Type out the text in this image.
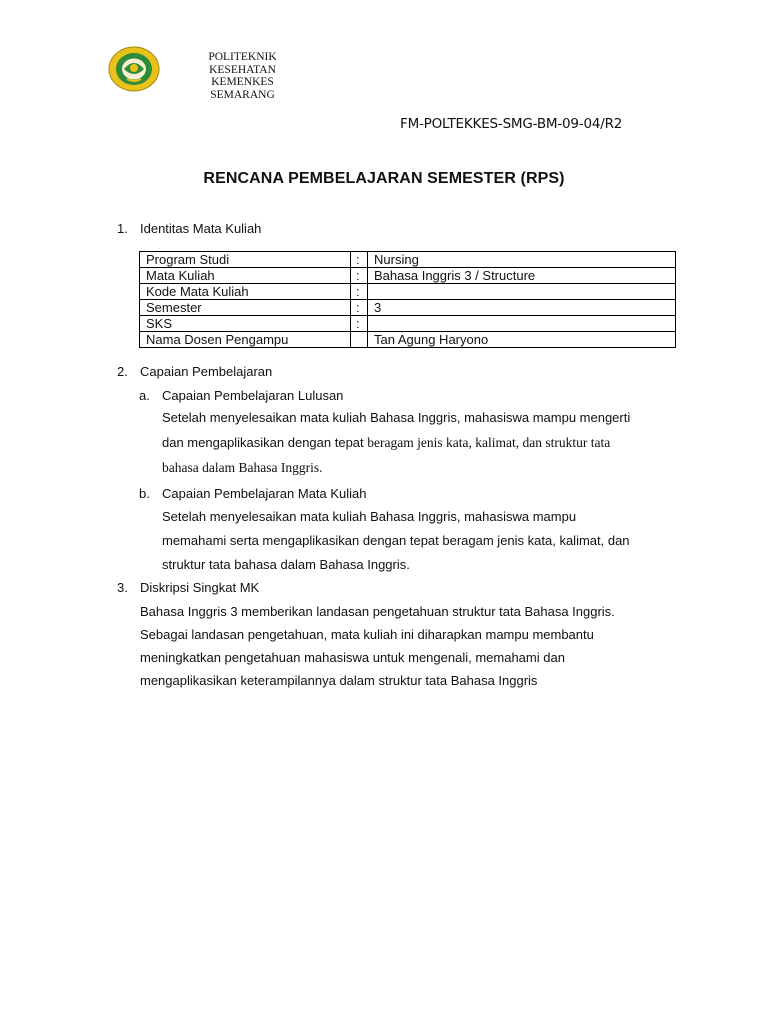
POLITEKNIK
KESEHATAN
KEMENKES
SEMARANG
FM-POLTEKKES-SMG-BM-09-04/R2
RENCANA PEMBELAJARAN SEMESTER (RPS)
1. Identitas Mata Kuliah
Program Studi	:	Nursing
Mata Kuliah	:	Bahasa Inggris 3 / Structure
Kode Mata Kuliah	:	
Semester	:	3
SKS	:	
Nama Dosen Pengampu		Tan Agung Haryono
2. Capaian Pembelajaran
a. Capaian Pembelajaran Lulusan
Setelah menyelesaikan mata kuliah Bahasa Inggris, mahasiswa mampu mengerti
dan mengaplikasikan dengan tepat beragam jenis kata, kalimat, dan struktur tata
bahasa dalam Bahasa Inggris.
b. Capaian Pembelajaran Mata Kuliah
Setelah menyelesaikan mata kuliah Bahasa Inggris, mahasiswa mampu
memahami serta mengaplikasikan dengan tepat beragam jenis kata, kalimat, dan
struktur tata bahasa dalam Bahasa Inggris.
3. Diskripsi Singkat MK
Bahasa Inggris 3 memberikan landasan pengetahuan struktur tata Bahasa Inggris.
Sebagai landasan pengetahuan, mata kuliah ini diharapkan mampu membantu
meningkatkan pengetahuan mahasiswa untuk mengenali, memahami dan
mengaplikasikan keterampilannya dalam struktur tata Bahasa Inggris
